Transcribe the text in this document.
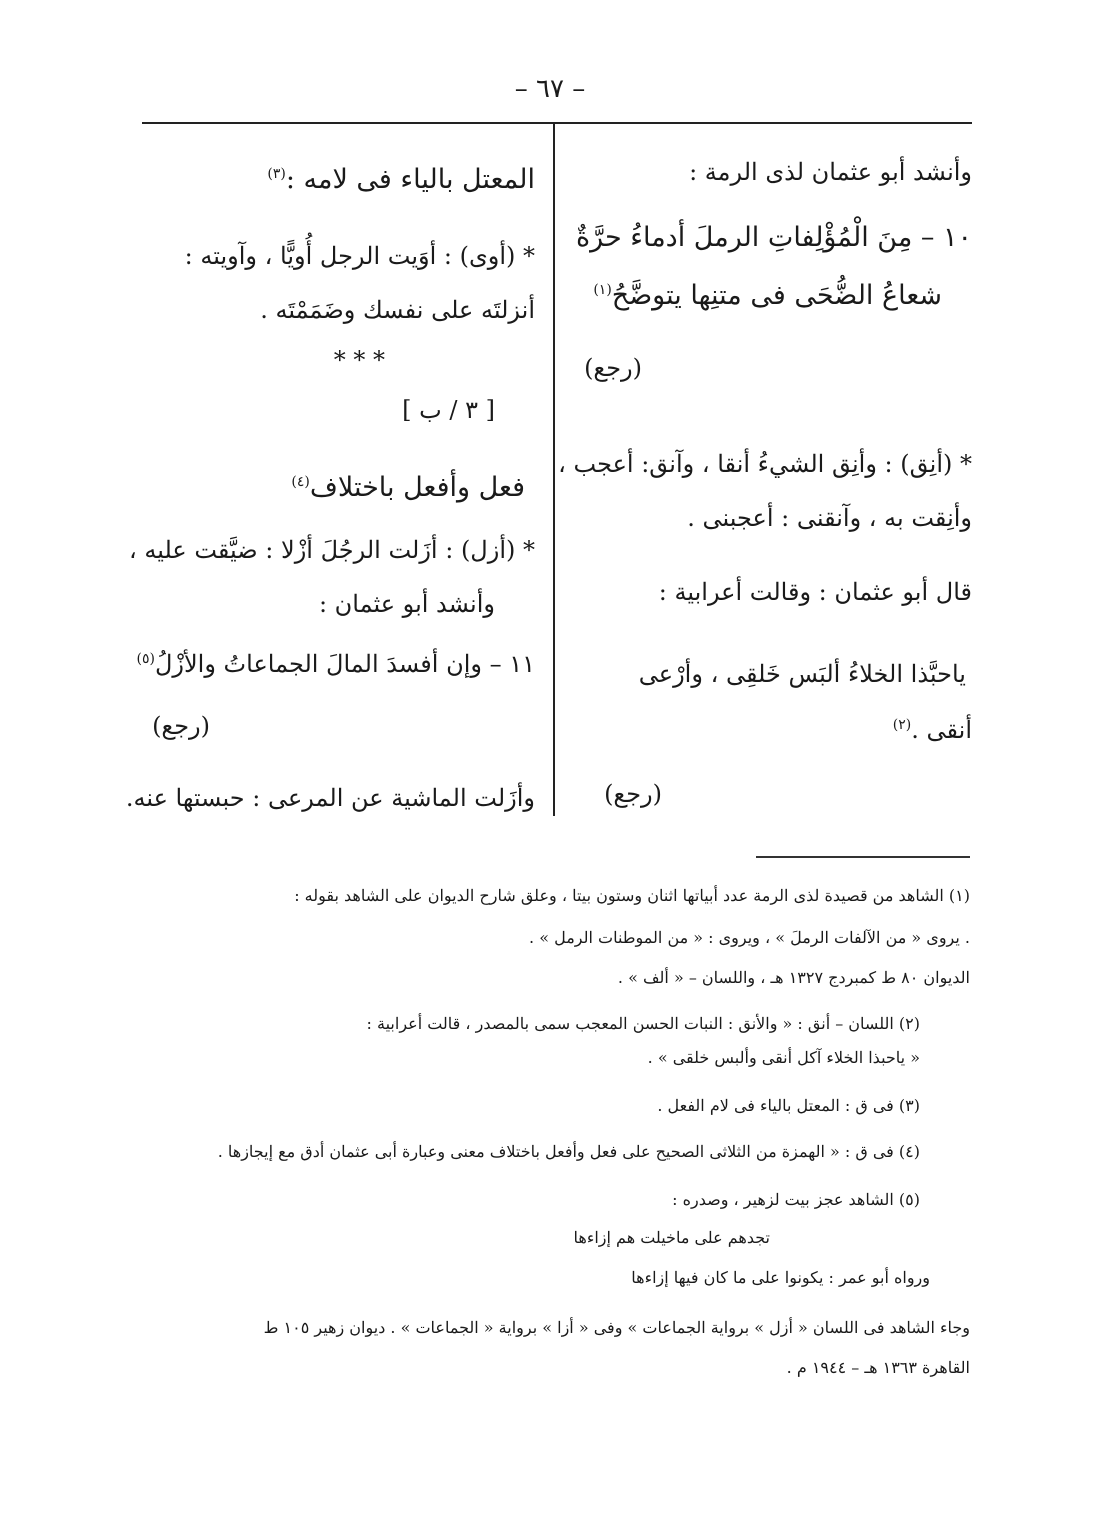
– ٦٧ –
وأنشد أبو عثمان لذى الرمة :
١٠ – مِنَ الْمُؤْلِفاتِ الرملَ أدماءُ حرَّةٌ
شعاعُ الضُّحَى فى متنِها يتوضَّحُ$^{(١)}$
(رجع)
* (أنِق) : وأنِق الشيءُ أنقا ، وآنق: أعجب ،
وأنِقت به ، وآنقنى : أعجبنى .
قال أبو عثمان : وقالت أعرابية :
ياحبَّذا الخلاءُ ألبَس خَلقِى ، وأرْعى
أنقى .$^{(٢)}$
(رجع)
المعتل بالياء فى لامه :$^{(٣)}$
* (أوى) : أوَيت الرجل أُويًّا ، وآويته :
أنزلتَه على نفسك وضَمَمْتَه .
* * *
[ ٣ / ب ]
فعل وأفعل باختلاف$^{(٤)}$
* (أزل) : أزَلت الرجُلَ أزْلا : ضيَّقت عليه ،
وأنشد أبو عثمان :
١١ – وإن أفسدَ المالَ الجماعاتُ والأزْلُ$^{(٥)}$
(رجع)
وأزَلت الماشية عن المرعى : حبستها عنه.
(١) الشاهد من قصيدة لذى الرمة عدد أبياتها اثنان وستون بيتا ، وعلق شارح الديوان على الشاهد بقوله :
. يروى « من الآلفات الرملَ » ، ويروى : « من الموطنات الرمل » .
الديوان ٨٠ ط كمبردج ١٣٢٧ هـ ، واللسان – « ألف » .
(٢) اللسان – أنق : « والأنق : النبات الحسن المعجب سمى بالمصدر ، قالت أعرابية :
« ياحبذا الخلاء آكل أنقى وألبس خلقى » .
(٣) فى ق : المعتل بالياء فى لام الفعل .
(٤) فى ق : « الهمزة من الثلاثى الصحيح على فعل وأفعل باختلاف معنى وعبارة أبى عثمان أدق مع إيجازها .
(٥) الشاهد عجز بيت لزهير ، وصدره :
تجدهم على ماخيلت هم إزاءها
ورواه أبو عمر : يكونوا على ما كان فيها إزاءها
وجاء الشاهد فى اللسان « أزل » برواية الجماعات » وفى « أزا » برواية « الجماعات » . ديوان زهير ١٠٥ ط
القاهرة ١٣٦٣ هـ – ١٩٤٤ م .
